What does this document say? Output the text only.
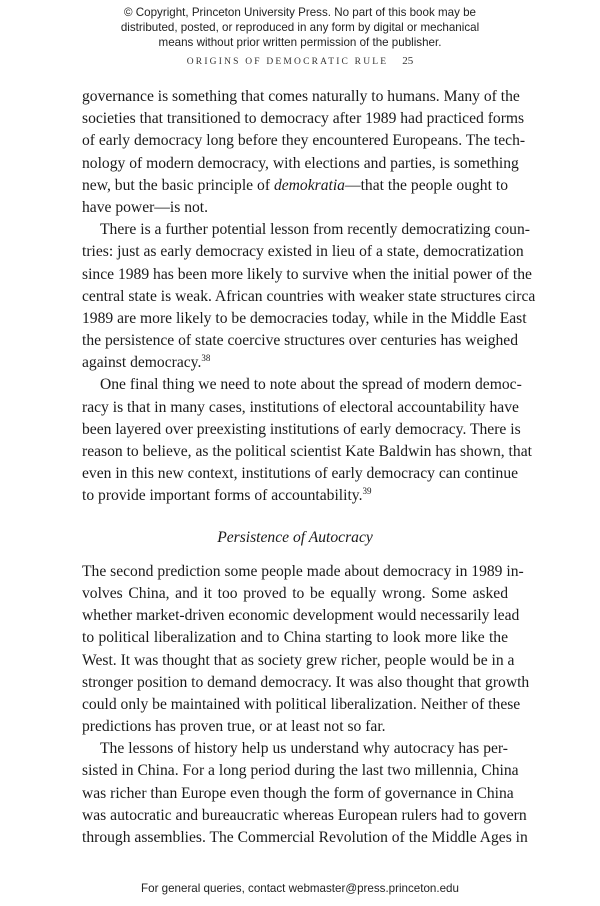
© Copyright, Princeton University Press. No part of this book may be
distributed, posted, or reproduced in any form by digital or mechanical
means without prior written permission of the publisher.
ORIGINS OF DEMOCRATIC RULE 25
governance is something that comes naturally to humans. Many of the
societies that transitioned to democracy after 1989 had practiced forms
of early democracy long before they encountered Europeans. The tech-
nology of modern democracy, with elections and parties, is something
new, but the basic principle of demokratia—that the people ought to
have power—is not.
There is a further potential lesson from recently democratizing coun-
tries: just as early democracy existed in lieu of a state, democratization
since 1989 has been more likely to survive when the initial power of the
central state is weak. African countries with weaker state structures circa
1989 are more likely to be democracies today, while in the Middle East
the persistence of state coercive structures over centuries has weighed
against democracy.$^{38}$
One final thing we need to note about the spread of modern democ-
racy is that in many cases, institutions of electoral accountability have
been layered over preexisting institutions of early democracy. There is
reason to believe, as the political scientist Kate Baldwin has shown, that
even in this new context, institutions of early democracy can continue
to provide important forms of accountability.$^{39}$
Persistence of Autocracy
The second prediction some people made about democracy in 1989 in-
volves China, and it too proved to be equally wrong. Some asked
whether market-driven economic development would necessarily lead
to political liberalization and to China starting to look more like the
West. It was thought that as society grew richer, people would be in a
stronger position to demand democracy. It was also thought that growth
could only be maintained with political liberalization. Neither of these
predictions has proven true, or at least not so far.
The lessons of history help us understand why autocracy has per-
sisted in China. For a long period during the last two millennia, China
was richer than Europe even though the form of governance in China
was autocratic and bureaucratic whereas European rulers had to govern
through assemblies. The Commercial Revolution of the Middle Ages in
For general queries, contact webmaster@press.princeton.edu
